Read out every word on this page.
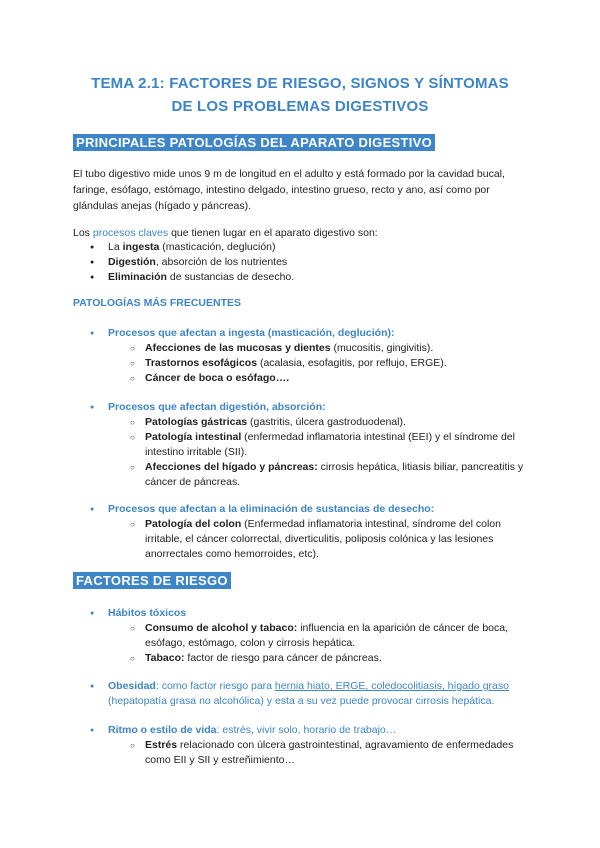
TEMA 2.1: FACTORES DE RIESGO, SIGNOS Y SÍNTOMAS
DE LOS PROBLEMAS DIGESTIVOS
PRINCIPALES PATOLOGÍAS DEL APARATO DIGESTIVO
El tubo digestivo mide unos 9 m de longitud en el adulto y está formado por la cavidad bucal, faringe, esófago, estómago, intestino delgado, intestino grueso, recto y ano, así como por glándulas anejas (hígado y páncreas).
Los procesos claves que tienen lugar en el aparato digestivo son:
● La ingesta (masticación, deglución)
● Digestión, absorción de los nutrientes
● Eliminación de sustancias de desecho.
PATOLOGÍAS MÁS FRECUENTES
● Procesos que afectan a ingesta (masticación, deglución):
○ Afecciones de las mucosas y dientes (mucositis, gingivitis).
○ Trastornos esofágicos (acalasia, esofagitis, por reflujo, ERGE).
○ Cáncer de boca o esófago….
● Procesos que afectan digestión, absorción:
○ Patologías gástricas (gastritis, úlcera gastroduodenal).
○ Patología intestinal (enfermedad inflamatoria intestinal (EEI) y el síndrome del intestino irritable (SII).
○ Afecciones del hígado y páncreas: cirrosis hepática, litiasis biliar, pancreatitis y cáncer de páncreas.
● Procesos que afectan a la eliminación de sustancias de desecho:
○ Patología del colon (Enfermedad inflamatoria intestinal, síndrome del colon irritable, el cáncer colorrectal, diverticulitis, poliposis colónica y las lesiones anorrectales como hemorroides, etc).
FACTORES DE RIESGO
● Hábitos tóxicos
○ Consumo de alcohol y tabaco: influencia en la aparición de cáncer de boca, esófago, estómago, colon y cirrosis hepática.
○ Tabaco: factor de riesgo para cáncer de páncreas.
● Obesidad: como factor riesgo para hernia hiato, ERGE, coledocolitiasis, hígado graso (hepatopatía grasa no alcohólica) y esta a su vez puede provocar cirrosis hepática.
● Ritmo o estilo de vida: estrés, vivir solo, horario de trabajo…
○ Estrés relacionado con úlcera gastrointestinal, agravamiento de enfermedades como EII y SII y estreñimiento…
